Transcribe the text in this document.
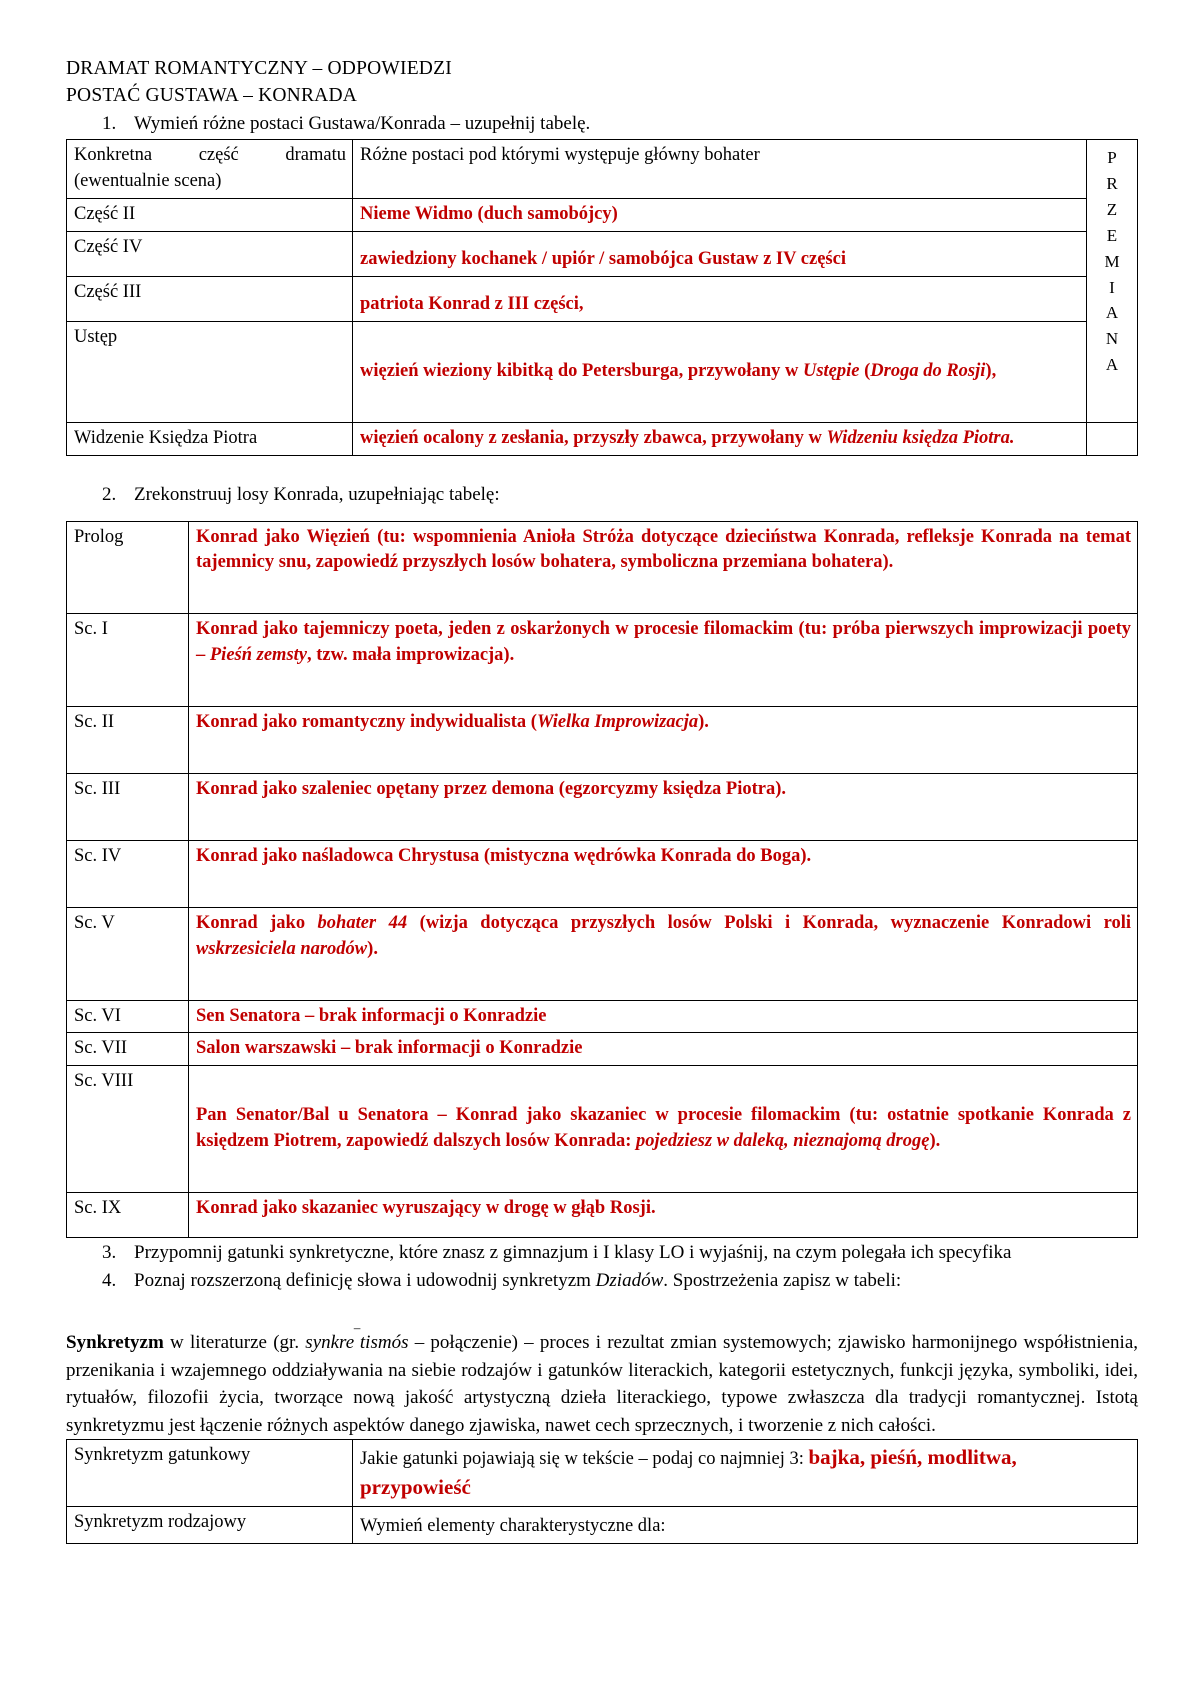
DRAMAT ROMANTYCZNY – ODPOWIEDZI
POSTAĆ GUSTAWA – KONRADA
1. Wymień różne postaci Gustawa/Konrada – uzupełnij tabelę.
Konkretna część dramatu (ewentualnie scena)	Różne postaci pod którymi występuje główny bohater	P
R
Z
E
M
I
A
N
A

Część II	Nieme Widmo (duch samobójcy)	
Część IV	zawiedziony kochanek / upiór / samobójca Gustaw z IV części	
Część III	patriota Konrad z III części,	
Ustęp	więzień wieziony kibitką do Petersburga, przywołany w Ustępie (Droga do Rosji),	

Widzenie Księdza Piotra	więzień ocalony z zesłania, przyszły zbawca, przywołany w Widzeniu księdza Piotra.	
2. Zrekonstruuj losy Konrada, uzupełniając tabelę:
Prolog	Konrad jako Więzień (tu: wspomnienia Anioła Stróża dotyczące dzieciństwa Konrada, refleksje Konrada na temat tajemnicy snu, zapowiedź przyszłych losów bohatera, symboliczna przemiana bohatera).

Sc. I	Konrad jako tajemniczy poeta, jeden z oskarżonych w procesie filomackim (tu: próba pierwszych improwizacji poety – Pieśń zemsty, tzw. mała improwizacja).

Sc. II	Konrad jako romantyczny indywidualista (Wielka Improwizacja).

Sc. III	Konrad jako szaleniec opętany przez demona (egzorcyzmy księdza Piotra).

Sc. IV	Konrad jako naśladowca Chrystusa (mistyczna wędrówka Konrada do Boga).

Sc. V	Konrad jako bohater 44 (wizja dotycząca przyszłych losów Polski i Konrada, wyznaczenie Konradowi roli wskrzesiciela narodów).

Sc. VI	Sen Senatora – brak informacji o Konradzie
Sc. VII	Salon warszawski – brak informacji o Konradzie
Sc. VIII	Pan Senator/Bal u Senatora – Konrad jako skazaniec w procesie filomackim (tu: ostatnie spotkanie Konrada z księdzem Piotrem, zapowiedź dalszych losów Konrada: pojedziesz w daleką, nieznajomą drogę).

Sc. IX	Konrad jako skazaniec wyruszający w drogę w głąb Rosji.
3. Przypomnij gatunki synkretyczne, które znasz z gimnazjum i I klasy LO i wyjaśnij, na czym polegała ich specyfika
4. Poznaj rozszerzoną definicję słowa i udowodnij synkretyzm Dziadów. Spostrzeżenia zapisz w tabeli:

Synkretyzm w literaturze (gr. synkre‾tismós – połączenie) – proces i rezultat zmian systemowych; zjawisko harmonijnego współistnienia, przenikania i wzajemnego oddziaływania na siebie rodzajów i gatunków literackich, kategorii estetycznych, funkcji języka, symboliki, idei, rytuałów, filozofii życia, tworzące nową jakość artystyczną dzieła literackiego, typowe zwłaszcza dla tradycji romantycznej. Istotą synkretyzmu jest łączenie różnych aspektów danego zjawiska, nawet cech sprzecznych, i tworzenie z nich całości.

Synkretyzm gatunkowy	Jakie gatunki pojawiają się w tekście – podaj co najmniej 3: bajka, pieśń, modlitwa, przypowieść
Synkretyzm rodzajowy	Wymień elementy charakterystyczne dla:
